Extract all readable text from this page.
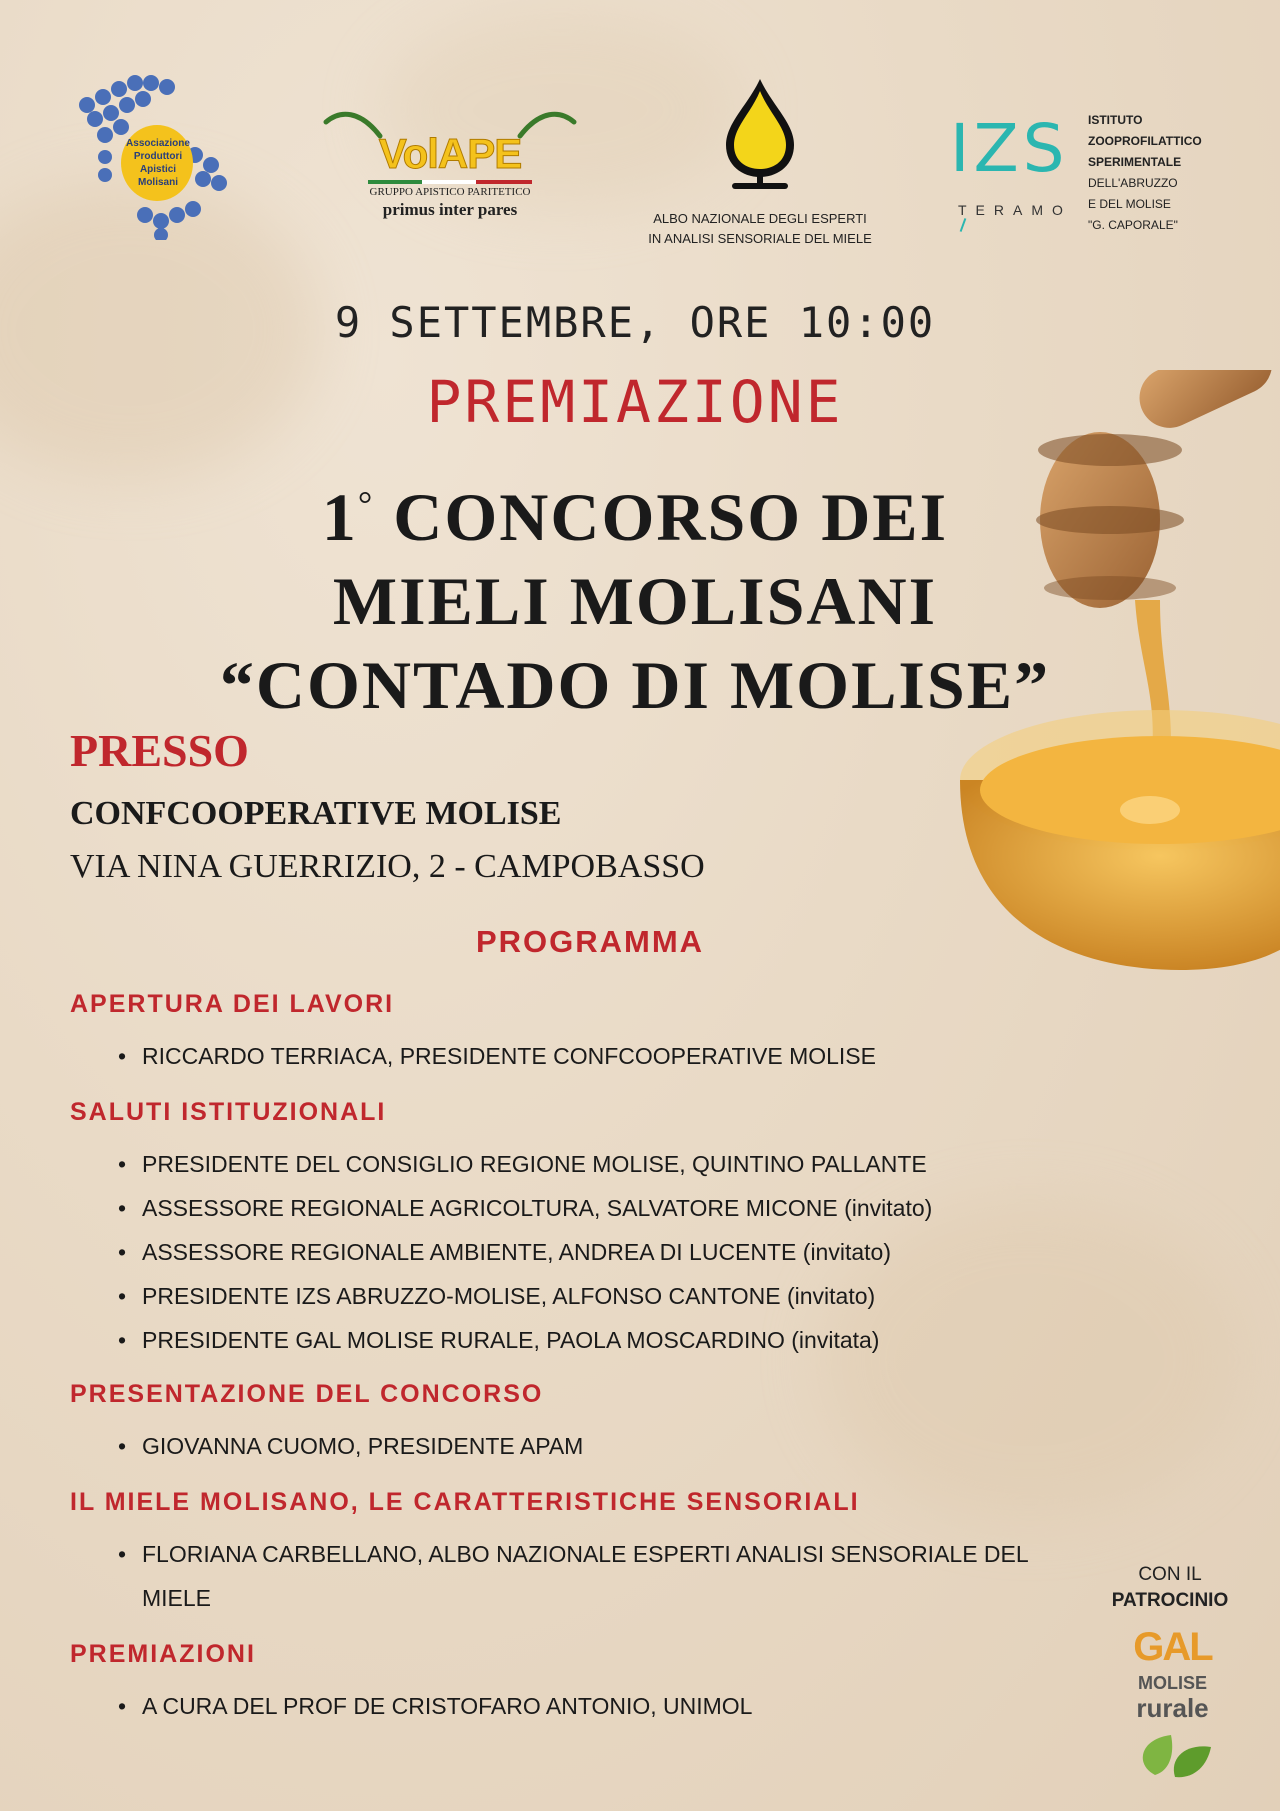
Associazione Produttori Apistici Molisani
VolAPE
GRUPPO APISTICO PARITETICO
primus inter pares	ALBO NAZIONALE DEGLI ESPERTI
IN ANALISI SENSORIALE DEL MIELE
IZS
TERAMO
ISTITUTO
ZOOPROFILATTICO
SPERIMENTALE
DELL'ABRUZZO
E DEL MOLISE
"G. CAPORALE"
9 SETTEMBRE, ORE 10:00
PREMIAZIONE
1° CONCORSO DEI
MIELI MOLISANI
“CONTADO DI MOLISE”
PRESSO
CONFCOOPERATIVE MOLISE
VIA NINA GUERRIZIO, 2 - CAMPOBASSO
PROGRAMMA
APERTURA DEI LAVORI
• RICCARDO TERRIACA, PRESIDENTE CONFCOOPERATIVE MOLISE
SALUTI ISTITUZIONALI
• PRESIDENTE DEL CONSIGLIO REGIONE MOLISE, QUINTINO PALLANTE
• ASSESSORE REGIONALE AGRICOLTURA, SALVATORE MICONE (invitato)
• ASSESSORE REGIONALE AMBIENTE, ANDREA DI LUCENTE (invitato)
• PRESIDENTE IZS ABRUZZO-MOLISE, ALFONSO CANTONE (invitato)
• PRESIDENTE GAL MOLISE RURALE, PAOLA MOSCARDINO (invitata)
PRESENTAZIONE DEL CONCORSO
• GIOVANNA CUOMO, PRESIDENTE APAM
IL MIELE MOLISANO, LE CARATTERISTICHE SENSORIALI
• FLORIANA CARBELLANO, ALBO NAZIONALE ESPERTI ANALISI SENSORIALE DEL MIELE
PREMIAZIONI
• A CURA DEL PROF DE CRISTOFARO ANTONIO, UNIMOL
CON IL
PATROCINIO
GAL
MOLISE
rurale
